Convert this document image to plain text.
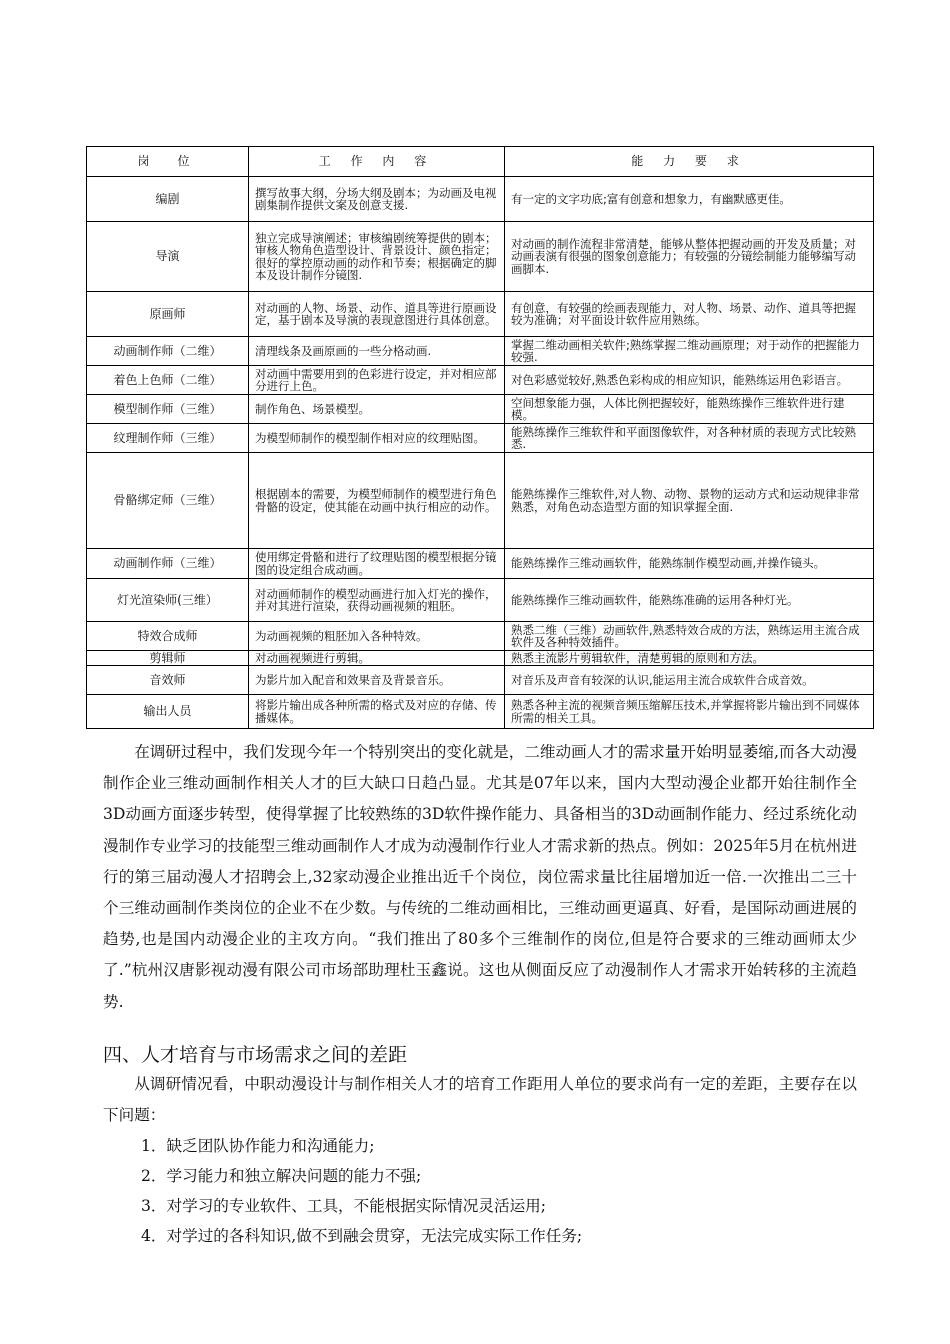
岗　位	工 作 内 容	能 力 要 求
编剧	撰写故事大纲，分场大纲及剧本；为动画及电视剧集制作提供文案及创意支援.	有一定的文字功底;富有创意和想象力，有幽默感更佳。
导演	独立完成导演阐述；审核编剧统筹提供的剧本；审核人物角色造型设计、背景设计、颜色指定；很好的掌控原动画的动作和节奏；根据确定的脚本及设计制作分镜图.	对动画的制作流程非常清楚，能够从整体把握动画的开发及质量；对动画表演有很强的图象创意能力；有较强的分镜绘制能力能够编写动画脚本.
原画师	对动画的人物、场景、动作、道具等进行原画设定，基于剧本及导演的表现意图进行具体创意。	有创意，有较强的绘画表现能力，对人物、场景、动作、道具等把握较为准确；对平面设计软件应用熟练。
动画制作师（二维）	清理线条及画原画的一些分格动画.	掌握二维动画相关软件;熟练掌握二维动画原理；对于动作的把握能力较强.
着色上色师（二维）	对动画中需要用到的色彩进行设定，并对相应部分进行上色。	对色彩感觉较好,熟悉色彩构成的相应知识，能熟练运用色彩语言。
模型制作师（三维）	制作角色、场景模型。	空间想象能力强，人体比例把握较好，能熟练操作三维软件进行建模。
纹理制作师（三维）	为模型师制作的模型制作相对应的纹理贴图。	能熟练操作三维软件和平面图像软件，对各种材质的表现方式比较熟悉.
骨骼绑定师（三维）	根据剧本的需要，为模型师制作的模型进行角色骨骼的设定，使其能在动画中执行相应的动作。	能熟练操作三维软件,对人物、动物、景物的运动方式和运动规律非常熟悉，对角色动态造型方面的知识掌握全面.
动画制作师（三维）	使用绑定骨骼和进行了纹理贴图的模型根据分镜图的设定组合成动画。	能熟练操作三维动画软件，能熟练制作模型动画,并操作镜头。
灯光渲染师(三维）	对动画师制作的模型动画进行加入灯光的操作，并对其进行渲染，获得动画视频的粗胚。	能熟练操作三维动画软件，能熟练准确的运用各种灯光。
特效合成师	为动画视频的粗胚加入各种特效。	熟悉二维（三维）动画软件,熟悉特效合成的方法，熟练运用主流合成软件及各种特效插件。
剪辑师	对动画视频进行剪辑。	熟悉主流影片剪辑软件，清楚剪辑的原则和方法。
音效师	为影片加入配音和效果音及背景音乐。	对音乐及声音有较深的认识,能运用主流合成软件合成音效。
输出人员	将影片输出成各种所需的格式及对应的存储、传播媒体。	熟悉各种主流的视频音频压缩解压技术,并掌握将影片输出到不同媒体所需的相关工具。

在调研过程中，我们发现今年一个特别突出的变化就是，二维动画人才的需求量开始明显萎缩,而各大动漫制作企业三维动画制作相关人才的巨大缺口日趋凸显。尤其是07年以来，国内大型动漫企业都开始往制作全3D动画方面逐步转型，使得掌握了比较熟练的3D软件操作能力、具备相当的3D动画制作能力、经过系统化动漫制作专业学习的技能型三维动画制作人才成为动漫制作行业人才需求新的热点。例如：2025年5月在杭州进行的第三届动漫人才招聘会上,32家动漫企业推出近千个岗位，岗位需求量比往届增加近一倍.一次推出二三十个三维动画制作类岗位的企业不在少数。与传统的二维动画相比，三维动画更逼真、好看，是国际动画进展的趋势,也是国内动漫企业的主攻方向。“我们推出了80多个三维制作的岗位,但是符合要求的三维动画师太少了.”杭州汉唐影视动漫有限公司市场部助理杜玉鑫说。这也从侧面反应了动漫制作人才需求开始转移的主流趋势.

四、人才培育与市场需求之间的差距

从调研情况看，中职动漫设计与制作相关人才的培育工作距用人单位的要求尚有一定的差距，主要存在以下问题：

1．缺乏团队协作能力和沟通能力;
2．学习能力和独立解决问题的能力不强;
3．对学习的专业软件、工具，不能根据实际情况灵活运用;
4．对学过的各科知识,做不到融会贯穿，无法完成实际工作任务;
